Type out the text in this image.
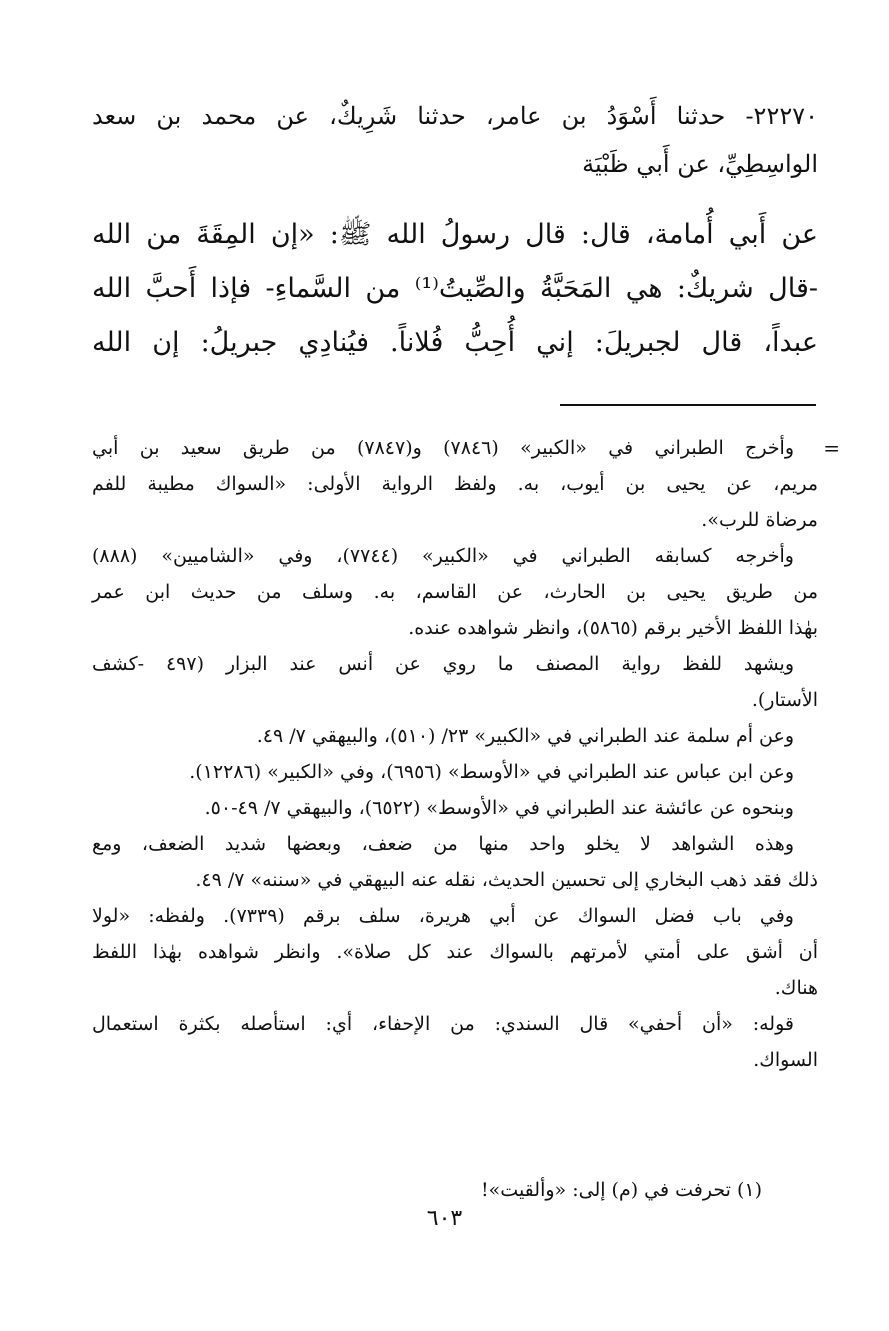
٢٢٢٧٠- حدثنا أَسْوَدُ بن عامر، حدثنا شَرِيكٌ، عن محمد بن سعد
الواسِطِيِّ، عن أَبي ظَبْيَة
عن أَبي أُمامة، قال: قال رسولُ الله ﷺ: «إن المِقَةَ من الله
-قال شريكٌ: هي المَحَبَّةُ والصِّيتُ⁽¹⁾ من السَّماءِ- فإذا أَحبَّ الله
عبداً، قال لجبريلَ: إني أُحِبُّ فُلاناً. فيُنادِي جبريلُ: إن الله
وأخرج الطبراني في «الكبير» (٧٨٤٦) و(٧٨٤٧) من طريق سعيد بن أبي =
مريم، عن يحيى بن أيوب، به. ولفظ الرواية الأولى: «السواك مطيبة للفم
مرضاة للرب».
وأخرجه كسابقه الطبراني في «الكبير» (٧٧٤٤)، وفي «الشاميين» (٨٨٨)
من طريق يحيى بن الحارث، عن القاسم، به. وسلف من حديث ابن عمر
بهٰذا اللفظ الأخير برقم (٥٨٦٥)، وانظر شواهده عنده.
ويشهد للفظ رواية المصنف ما روي عن أنس عند البزار (٤٩٧ -كشف
الأستار).
وعن أم سلمة عند الطبراني في «الكبير» ٢٣/ (٥١٠)، والبيهقي ٧/ ٤٩.
وعن ابن عباس عند الطبراني في «الأوسط» (٦٩٥٦)، وفي «الكبير» (١٢٢٨٦).
وبنحوه عن عائشة عند الطبراني في «الأوسط» (٦٥٢٢)، والبيهقي ٧/ ٤٩-٥٠.
وهذه الشواهد لا يخلو واحد منها من ضعف، وبعضها شديد الضعف، ومع
ذلك فقد ذهب البخاري إلى تحسين الحديث، نقله عنه البيهقي في «سننه» ٧/ ٤٩.
وفي باب فضل السواك عن أبي هريرة، سلف برقم (٧٣٣٩). ولفظه: «لولا
أن أشق على أمتي لأمرتهم بالسواك عند كل صلاة». وانظر شواهده بهٰذا اللفظ
هناك.
قوله: «أن أحفي» قال السندي: من الإحفاء، أي: استأصله بكثرة استعمال
السواك.
(١) تحرفت في (م) إلى: «وألقيت»!
٦٠٣
